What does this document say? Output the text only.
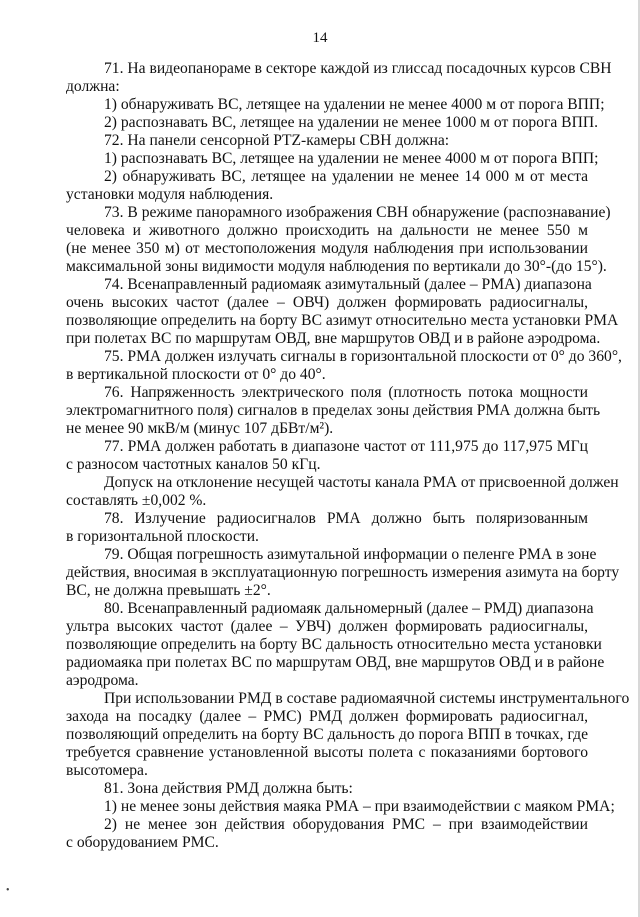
14
71. На видеопанораме в секторе каждой из глиссад посадочных курсов СВН
должна:
1) обнаруживать ВС, летящее на удалении не менее 4000 м от порога ВПП;
2) распознавать ВС, летящее на удалении не менее 1000 м от порога ВПП.
72. На панели сенсорной PTZ-камеры СВН должна:
1) распознавать ВС, летящее на удалении не менее 4000 м от порога ВПП;
2) обнаруживать ВС, летящее на удалении не менее 14 000 м от места
установки модуля наблюдения.
73. В режиме панорамного изображения СВН обнаружение (распознавание)
человека и животного должно происходить на дальности не менее 550 м
(не менее 350 м) от местоположения модуля наблюдения при использовании
максимальной зоны видимости модуля наблюдения по вертикали до 30°-(до 15°).
74. Всенаправленный радиомаяк азимутальный (далее – РМА) диапазона
очень высоких частот (далее – ОВЧ) должен формировать радиосигналы,
позволяющие определить на борту ВС азимут относительно места установки РМА
при полетах ВС по маршрутам ОВД, вне маршрутов ОВД и в районе аэродрома.
75. РМА должен излучать сигналы в горизонтальной плоскости от 0° до 360°,
в вертикальной плоскости от 0° до 40°.
76. Напряженность электрического поля (плотность потока мощности
электромагнитного поля) сигналов в пределах зоны действия РМА должна быть
не менее 90 мкВ/м (минус 107 дБВт/м²).
77. РМА должен работать в диапазоне частот от 111,975 до 117,975 МГц
с разносом частотных каналов 50 кГц.
Допуск на отклонение несущей частоты канала РМА от присвоенной должен
составлять ±0,002 %.
78. Излучение радиосигналов РМА должно быть поляризованным
в горизонтальной плоскости.
79. Общая погрешность азимутальной информации о пеленге РМА в зоне
действия, вносимая в эксплуатационную погрешность измерения азимута на борту
ВС, не должна превышать ±2°.
80. Всенаправленный радиомаяк дальномерный (далее – РМД) диапазона
ультра высоких частот (далее – УВЧ) должен формировать радиосигналы,
позволяющие определить на борту ВС дальность относительно места установки
радиомаяка при полетах ВС по маршрутам ОВД, вне маршрутов ОВД и в районе
аэродрома.
При использовании РМД в составе радиомаячной системы инструментального
захода на посадку (далее – РМС) РМД должен формировать радиосигнал,
позволяющий определить на борту ВС дальность до порога ВПП в точках, где
требуется сравнение установленной высоты полета с показаниями бортового
высотомера.
81. Зона действия РМД должна быть:
1) не менее зоны действия маяка РМА – при взаимодействии с маяком РМА;
2) не менее зон действия оборудования РМС – при взаимодействии
с оборудованием РМС.
•
